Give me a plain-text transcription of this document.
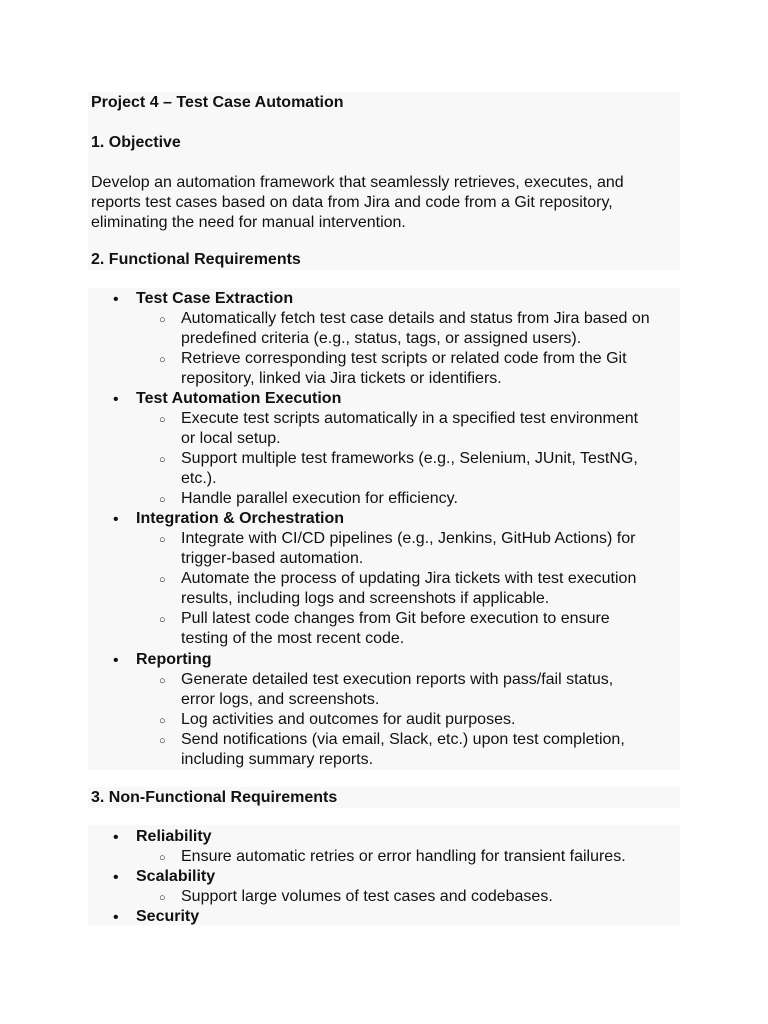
Project 4 – Test Case Automation
1. Objective
Develop an automation framework that seamlessly retrieves, executes, and
reports test cases based on data from Jira and code from a Git repository,
eliminating the need for manual intervention.
2. Functional Requirements
• Test Case Extraction
○ Automatically fetch test case details and status from Jira based on
predefined criteria (e.g., status, tags, or assigned users).
○ Retrieve corresponding test scripts or related code from the Git
repository, linked via Jira tickets or identifiers.
• Test Automation Execution
○ Execute test scripts automatically in a specified test environment
or local setup.
○ Support multiple test frameworks (e.g., Selenium, JUnit, TestNG,
etc.).
○ Handle parallel execution for efficiency.
• Integration & Orchestration
○ Integrate with CI/CD pipelines (e.g., Jenkins, GitHub Actions) for
trigger-based automation.
○ Automate the process of updating Jira tickets with test execution
results, including logs and screenshots if applicable.
○ Pull latest code changes from Git before execution to ensure
testing of the most recent code.
• Reporting
○ Generate detailed test execution reports with pass/fail status,
error logs, and screenshots.
○ Log activities and outcomes for audit purposes.
○ Send notifications (via email, Slack, etc.) upon test completion,
including summary reports.
3. Non-Functional Requirements
• Reliability
○ Ensure automatic retries or error handling for transient failures.
• Scalability
○ Support large volumes of test cases and codebases.
• Security
